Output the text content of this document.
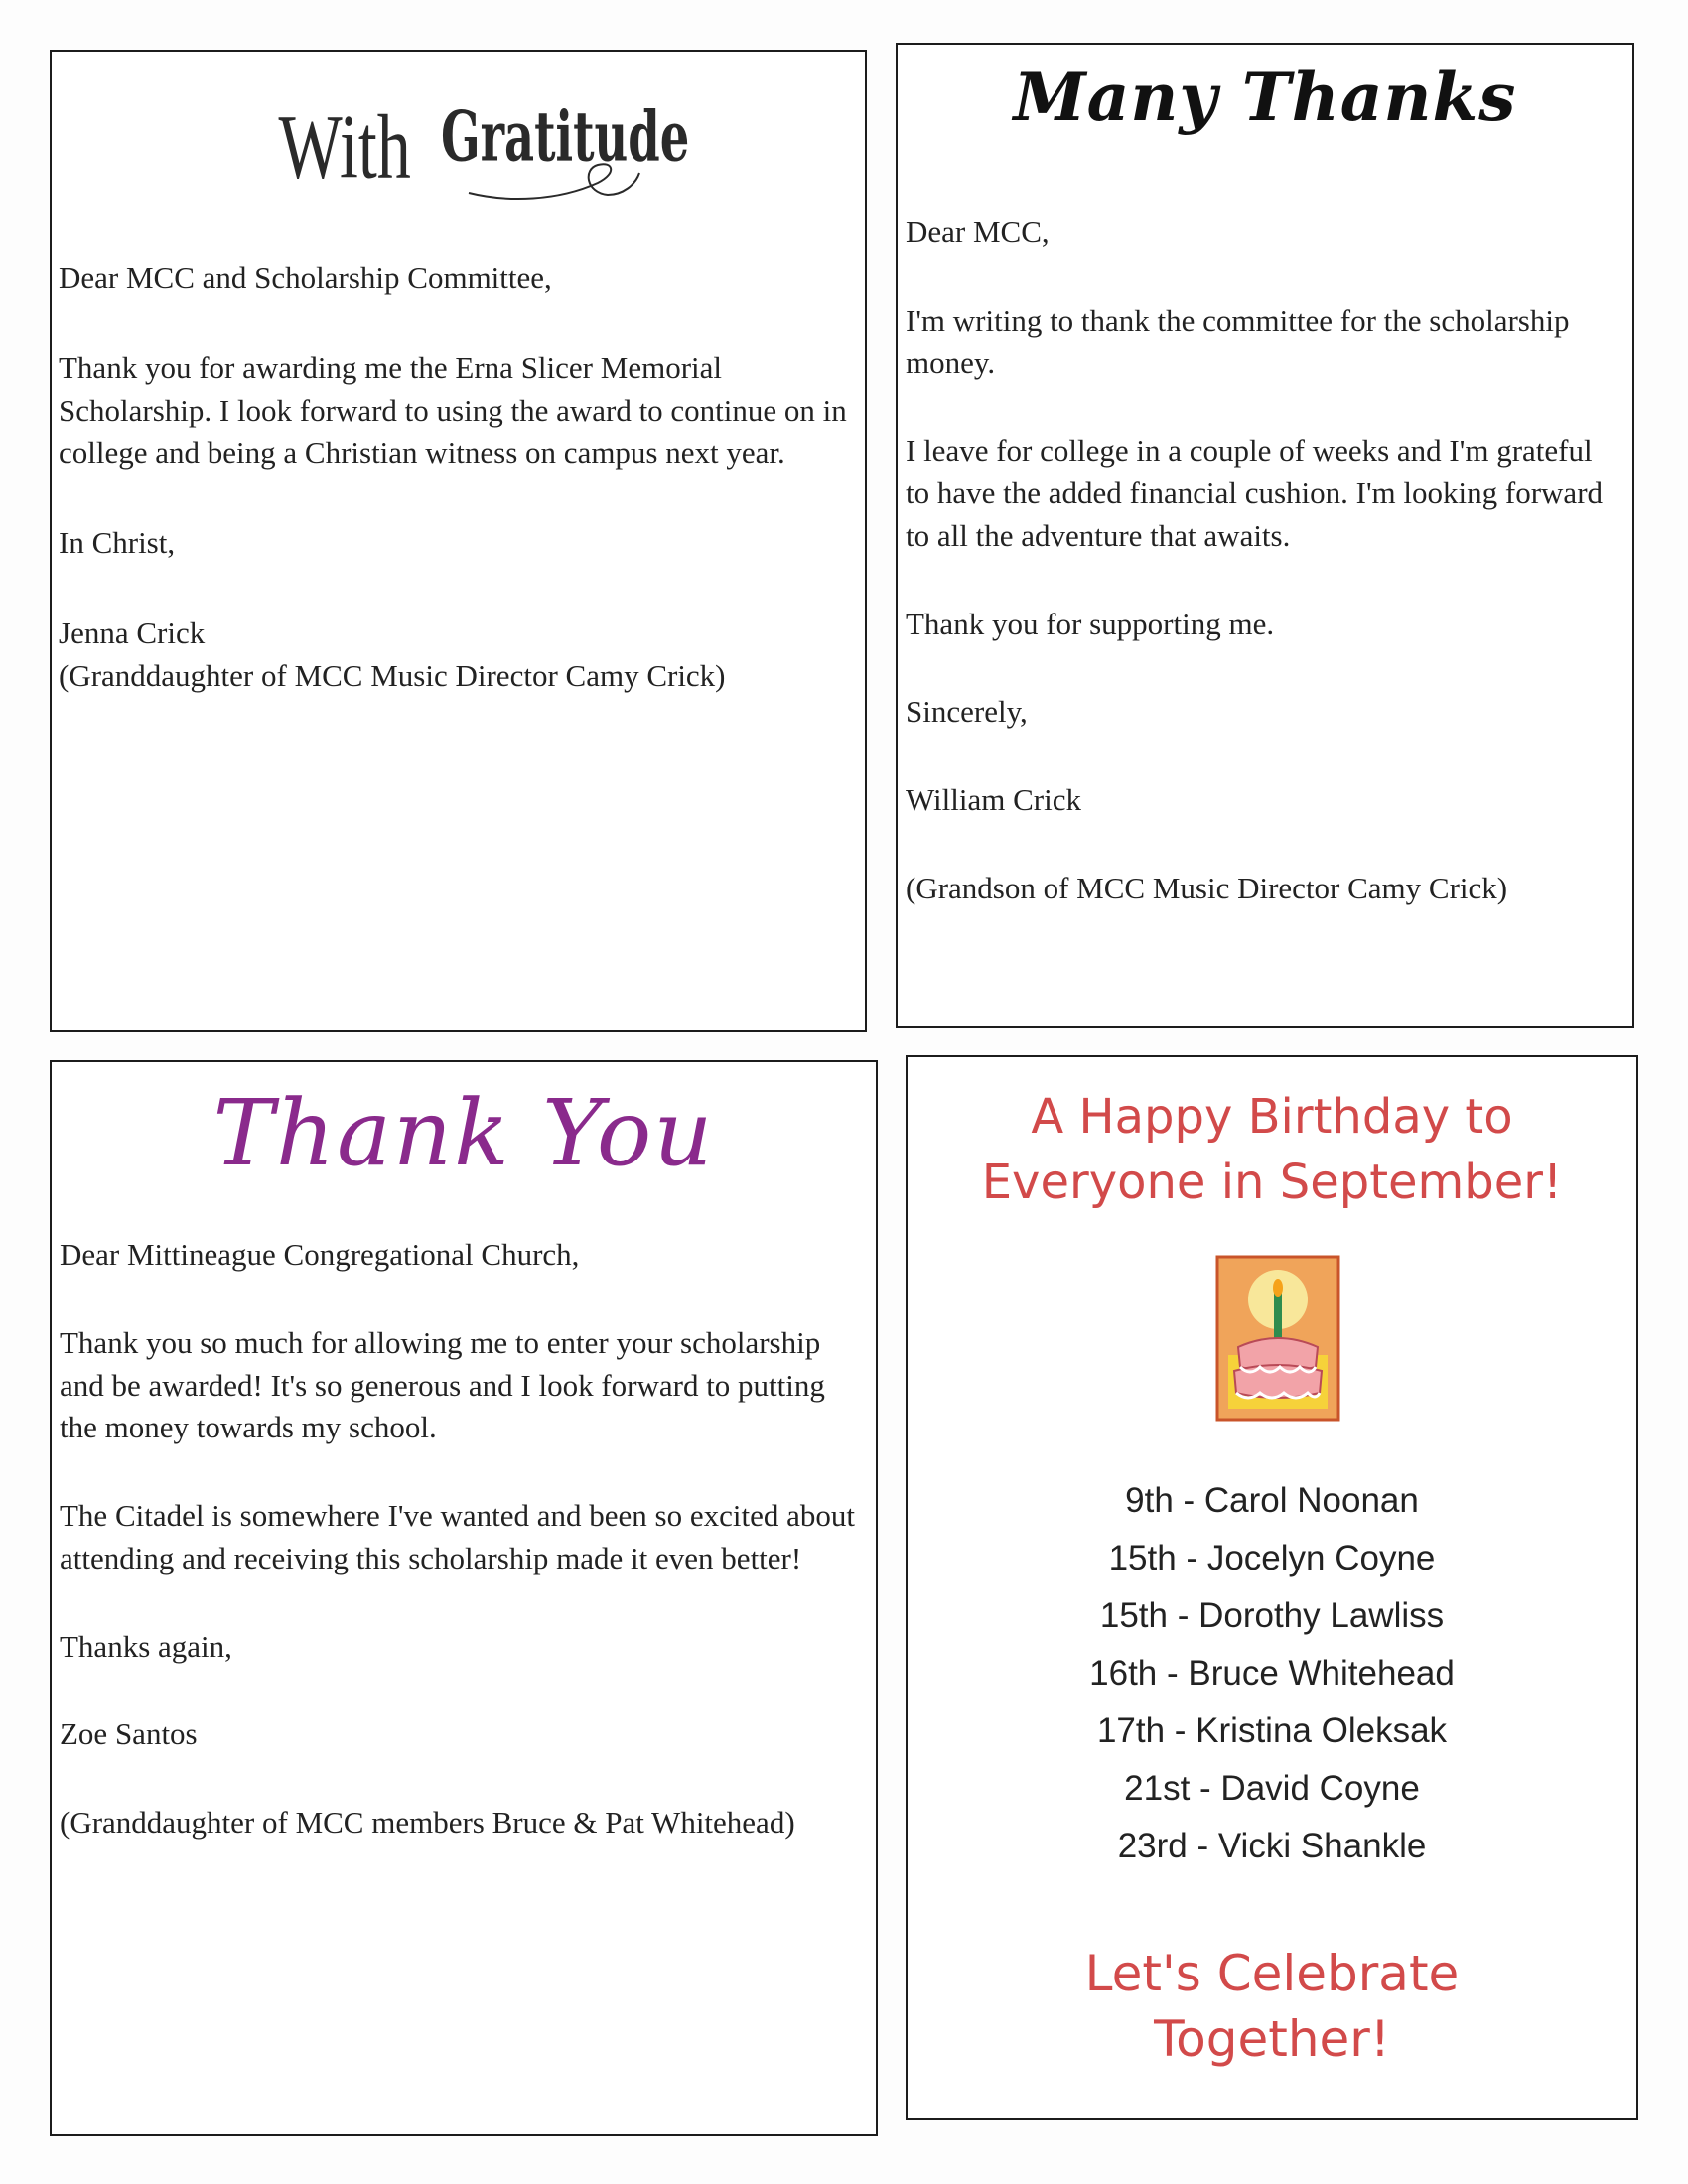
With Gratitude

Dear MCC and Scholarship Committee,

Thank you for awarding me the Erna Slicer Memorial Scholarship. I look forward to using the award to continue on in college and being a Christian witness on campus next year.

In Christ,

Jenna Crick

(Granddaughter of MCC Music Director Camy Crick)

Many Thanks

Dear MCC,

I'm writing to thank the committee for the scholarship money.

I leave for college in a couple of weeks and I'm grateful to have the added financial cushion. I'm looking forward to all the adventure that awaits.

Thank you for supporting me.

Sincerely,

William Crick

(Grandson of MCC Music Director Camy Crick)

Thank You

Dear Mittineague Congregational Church,

Thank you so much for allowing me to enter your scholarship and be awarded! It's so generous and I look forward to putting the money towards my school.

The Citadel is somewhere I've wanted and been so excited about attending and receiving this scholarship made it even better!

Thanks again,

Zoe Santos

(Granddaughter of MCC members Bruce & Pat Whitehead)

A Happy Birthday to
Everyone in September!
9th - Carol Noonan
15th - Jocelyn Coyne
15th - Dorothy Lawliss
16th - Bruce Whitehead
17th - Kristina Oleksak
21st - David Coyne
23rd - Vicki Shankle
Let's Celebrate
Together!
